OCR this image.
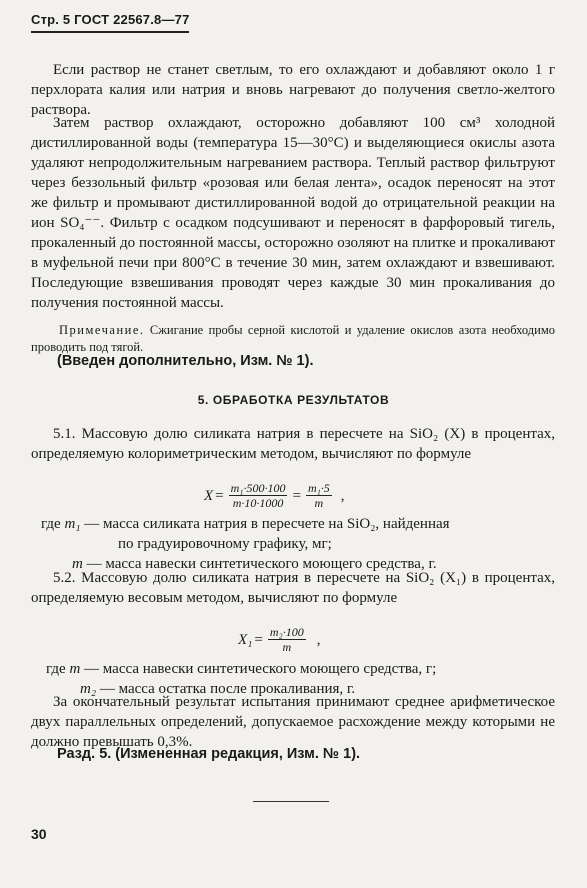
Стр. 5 ГОСТ 22567.8—77
Если раствор не станет светлым, то его охлаждают и добавляют около 1 г перхлората калия или натрия и вновь нагревают до получения светло-желтого раствора.
Затем раствор охлаждают, осторожно добавляют 100 см³ холодной дистиллированной воды (температура 15—30°С) и выделяющиеся окислы азота удаляют непродолжительным нагреванием раствора. Теплый раствор фильтруют через беззольный фильтр «розовая или белая лента», осадок переносят на этот же фильтр и промывают дистиллированной водой до отрицательной реакции на ион SO₄⁻⁻. Фильтр с осадком подсушивают и переносят в фарфоровый тигель, прокаленный до постоянной массы, осторожно озоляют на плитке и прокаливают в муфельной печи при 800°С в течение 30 мин, затем охлаждают и взвешивают. Последующие взвешивания проводят через каждые 30 мин прокаливания до получения постоянной массы.
Примечание. Сжигание пробы серной кислотой и удаление окислов азота необходимо проводить под тягой.
(Введен дополнительно, Изм. № 1).
5. ОБРАБОТКА РЕЗУЛЬТАТОВ
5.1. Массовую долю силиката натрия в пересчете на SiO₂ (X) в процентах, определяемую колориметрическим методом, вычисляют по формуле
$X = \frac{\text{m₁·500·100}}{m\cdot 10\cdot 1000} = \frac{\text{m₁·5}}{m}$ ,
где m₁ — масса силиката натрия в пересчете на SiO₂, найденная
по градуировочному графику, мг;
m — масса навески синтетического моющего средства, г.
5.2. Массовую долю силиката натрия в пересчете на SiO₂ (X₁) в процентах, определяемую весовым методом, вычисляют по формуле
$X_1 = \frac{\text{m₂·100}}{m}$ ,
где m — масса навески синтетического моющего средства, г;
m₂ — масса остатка после прокаливания, г.
За окончательный результат испытания принимают среднее арифметическое двух параллельных определений, допускаемое расхождение между которыми не должно превышать 0,3%.
Разд. 5. (Измененная редакция, Изм. № 1).
30
